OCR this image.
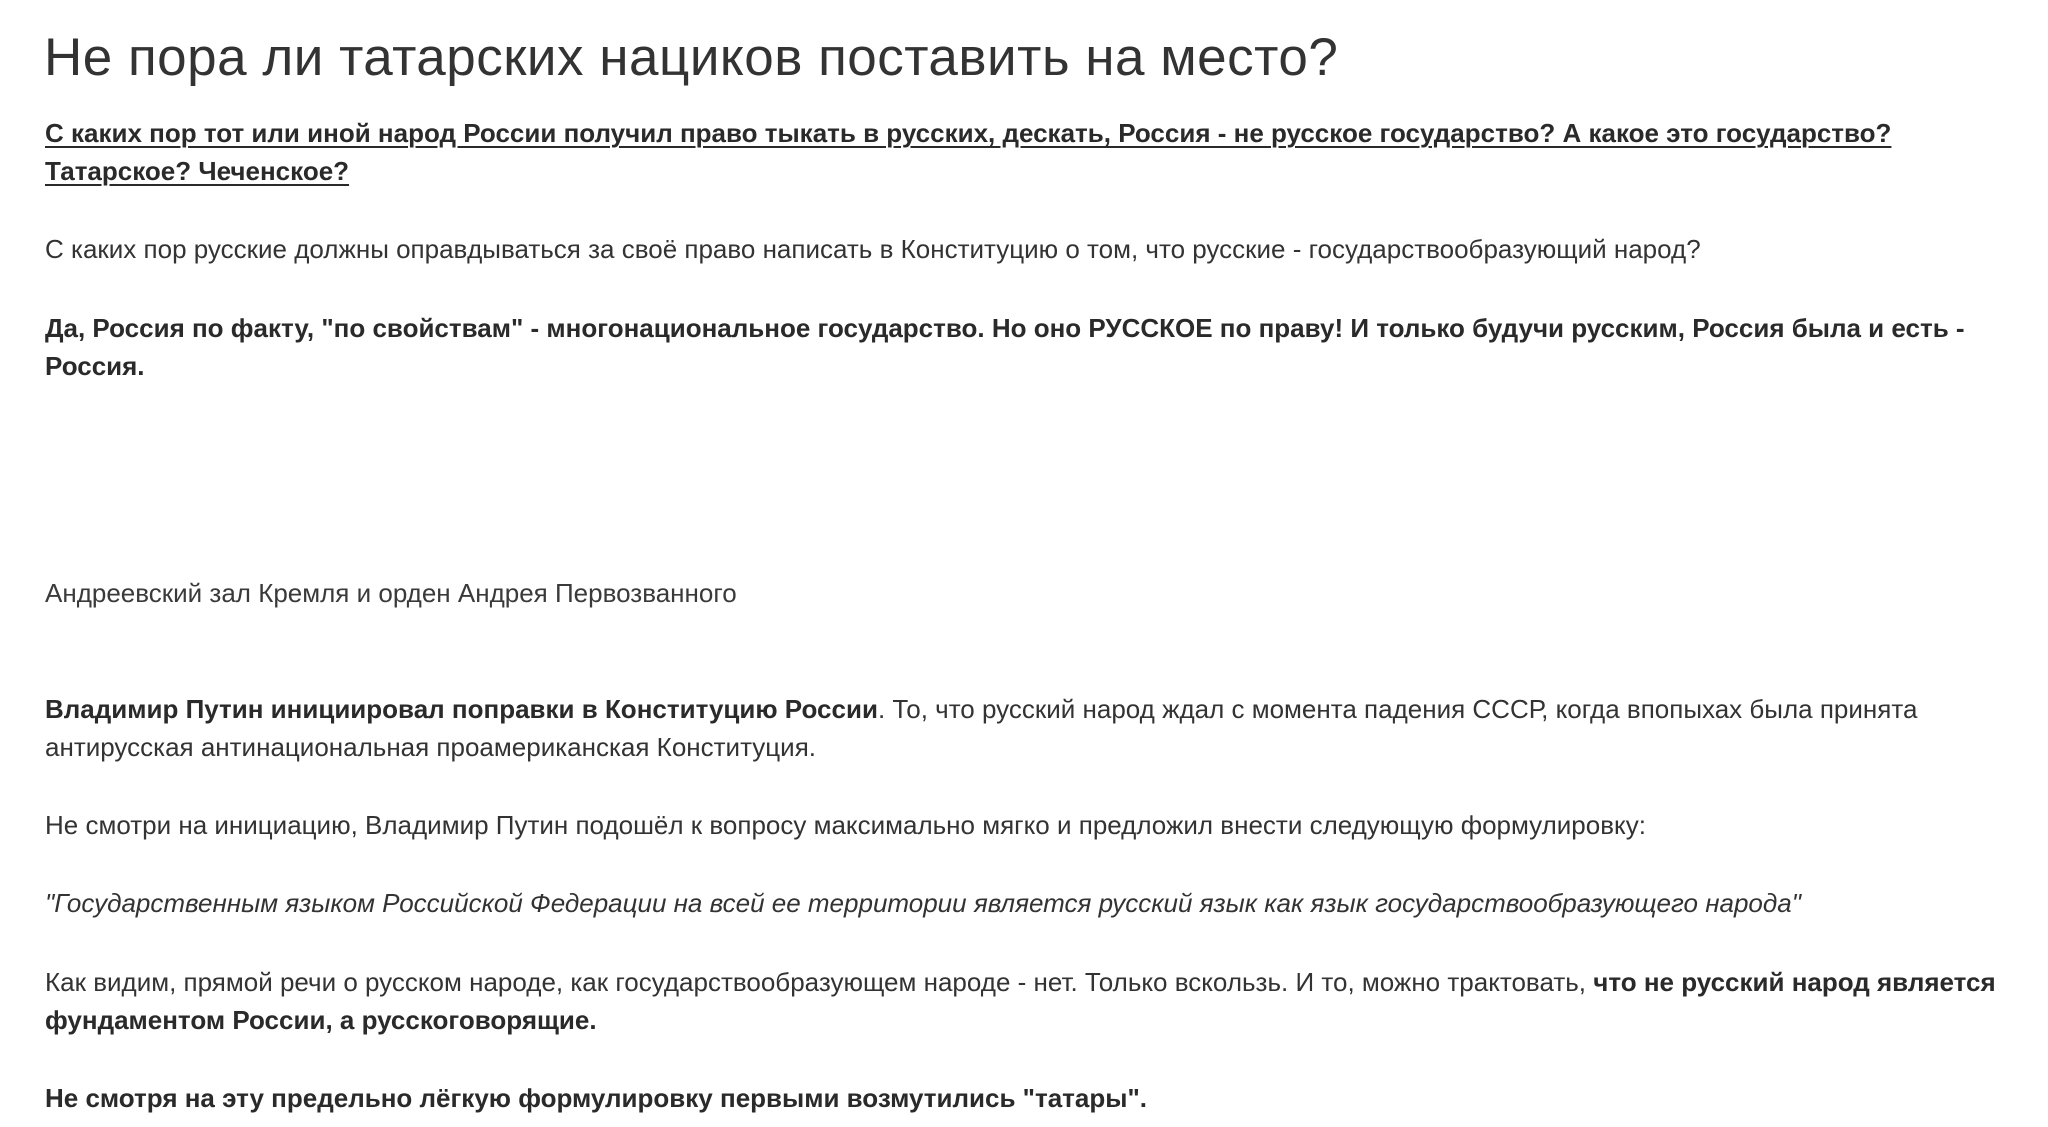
Не пора ли татарских нациков поставить на место?

С каких пор тот или иной народ России получил право тыкать в русских, дескать, Россия - не русское государство? А какое это государство? Татарское? Чеченское?

С каких пор русские должны оправдываться за своё право написать в Конституцию о том, что русские - государствообразующий народ?

Да, Россия по факту, "по свойствам" - многонациональное государство. Но оно РУССКОЕ по праву! И только будучи русским, Россия была и есть - Россия.

Андреевский зал Кремля и орден Андрея Первозванного

Владимир Путин инициировал поправки в Конституцию России. То, что русский народ ждал с момента падения СССР, когда впопыхах была принята антирусская антинациональная проамериканская Конституция.

Не смотри на инициацию, Владимир Путин подошёл к вопросу максимально мягко и предложил внести следующую формулировку:

"Государственным языком Российской Федерации на всей ее территории является русский язык как язык государствообразующего народа"

Как видим, прямой речи о русском народе, как государствообразующем народе - нет. Только вскользь. И то, можно трактовать, что не русский народ является фундаментом России, а русскоговорящие.

Не смотря на эту предельно лёгкую формулировку первыми возмутились "татары".
